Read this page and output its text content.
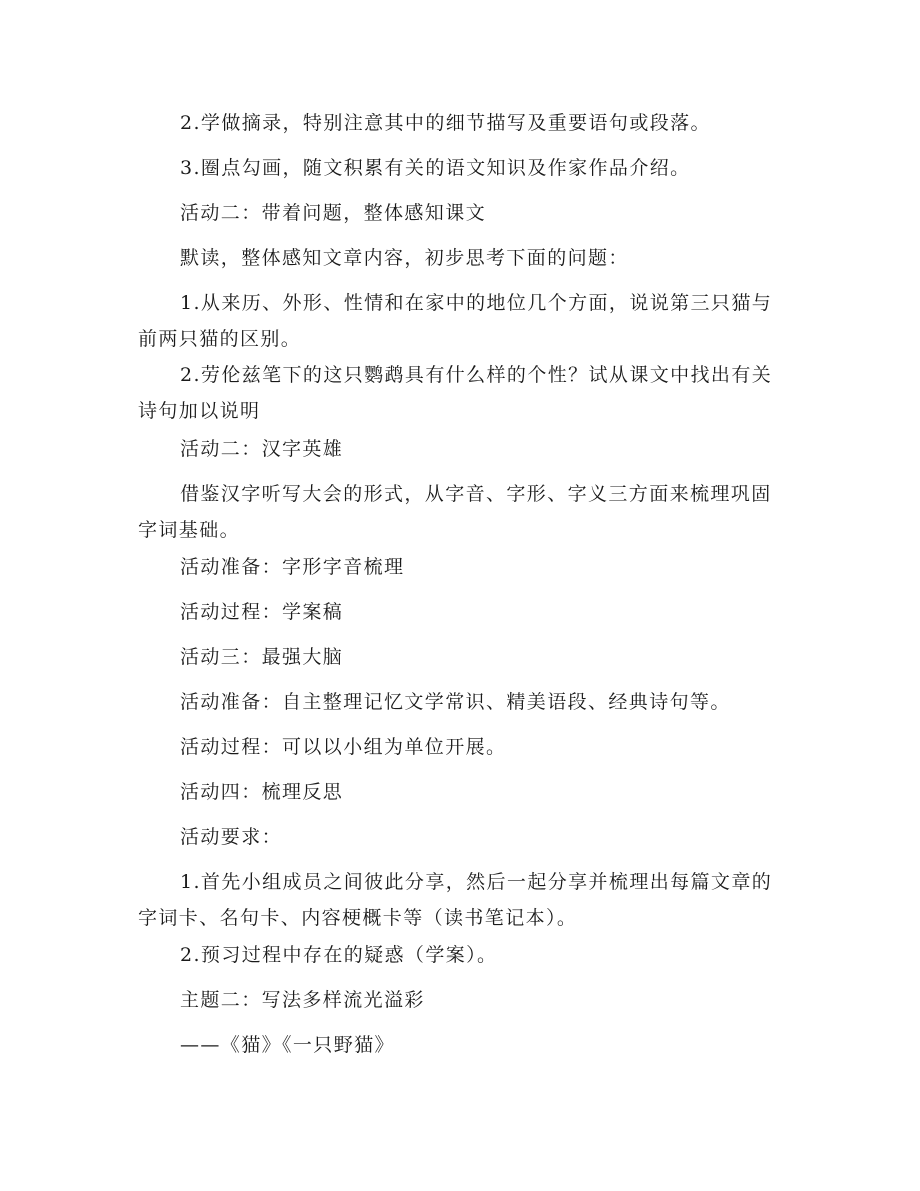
2.学做摘录，特别注意其中的细节描写及重要语句或段落。

3.圈点勾画，随文积累有关的语文知识及作家作品介绍。

活动二：带着问题，整体感知课文

默读，整体感知文章内容，初步思考下面的问题：

1.从来历、外形、性情和在家中的地位几个方面，说说第三只猫与前两只猫的区别。

2.劳伦兹笔下的这只鹦鹉具有什么样的个性？试从课文中找出有关诗句加以说明

活动二：汉字英雄

借鉴汉字听写大会的形式，从字音、字形、字义三方面来梳理巩固字词基础。

活动准备：字形字音梳理

活动过程：学案稿

活动三：最强大脑

活动准备：自主整理记忆文学常识、精美语段、经典诗句等。

活动过程：可以以小组为单位开展。

活动四：梳理反思

活动要求：

1.首先小组成员之间彼此分享，然后一起分享并梳理出每篇文章的字词卡、名句卡、内容梗概卡等（读书笔记本）。

2.预习过程中存在的疑惑（学案）。

主题二：写法多样流光溢彩

——《猫》《一只野猫》
